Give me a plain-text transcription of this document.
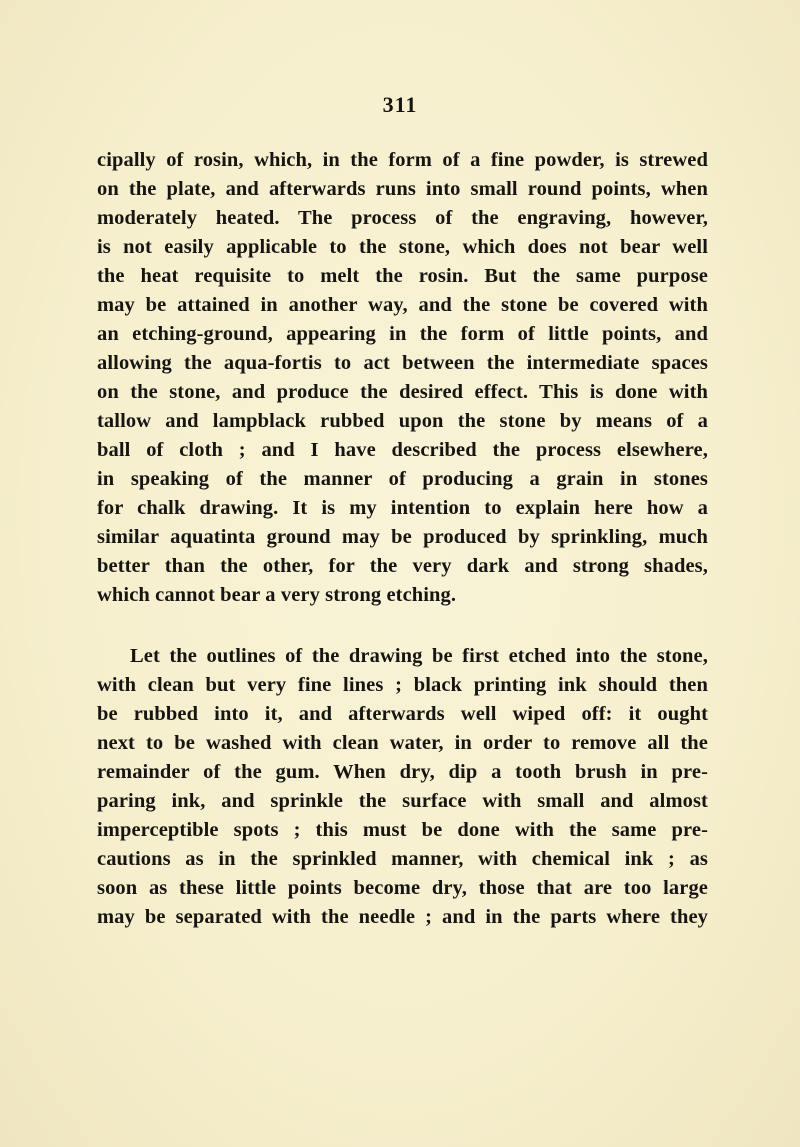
311
cipally of rosin, which, in the form of a fine powder, is strewed
on the plate, and afterwards runs into small round points, when
moderately heated. The process of the engraving, however,
is not easily applicable to the stone, which does not bear well
the heat requisite to melt the rosin. But the same purpose
may be attained in another way, and the stone be covered with
an etching-ground, appearing in the form of little points, and
allowing the aqua-fortis to act between the intermediate spaces
on the stone, and produce the desired effect. This is done with
tallow and lampblack rubbed upon the stone by means of a
ball of cloth ; and I have described the process elsewhere,
in speaking of the manner of producing a grain in stones
for chalk drawing. It is my intention to explain here how a
similar aquatinta ground may be produced by sprinkling, much
better than the other, for the very dark and strong shades,
which cannot bear a very strong etching.
Let the outlines of the drawing be first etched into the stone,
with clean but very fine lines ; black printing ink should then
be rubbed into it, and afterwards well wiped off: it ought
next to be washed with clean water, in order to remove all the
remainder of the gum. When dry, dip a tooth brush in pre-
paring ink, and sprinkle the surface with small and almost
imperceptible spots ; this must be done with the same pre-
cautions as in the sprinkled manner, with chemical ink ; as
soon as these little points become dry, those that are too large
may be separated with the needle ; and in the parts where they
